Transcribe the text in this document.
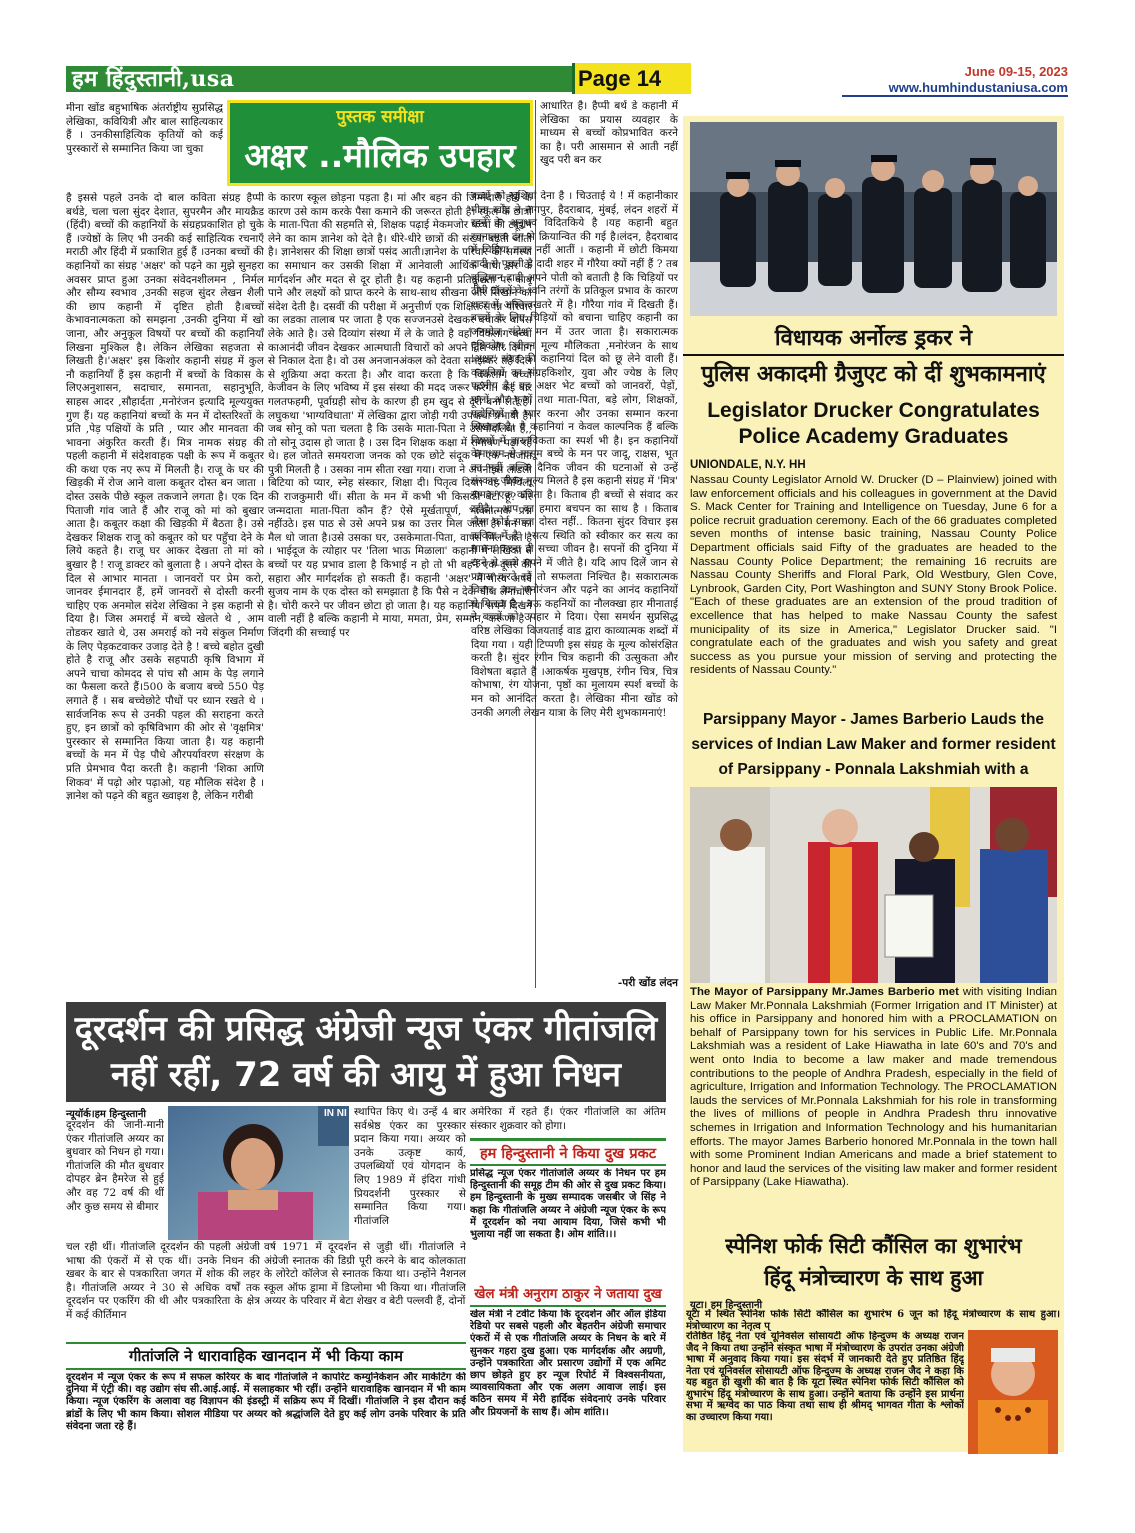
हम हिंदुस्तानी,usa	Page 14	June 09-15, 2023
www.humhindustaniusa.com
पुस्तक समीक्षा
अक्षर ..मौलिक उपहार
मीना खोंड बहुभाषिक अंतर्राष्ट्रीय सुप्रसिद्ध लेखिका, कवियित्री और बाल साहित्यकार हैं । उनकीसाहित्यिक कृतियों को कई पुरस्कारों से सम्मानित किया जा चुका
है इससे पहले उनके दो बाल कविता संग्रह हैप्पी बर्थडे, चला चला सुंदर देशात, सुपरमैन और मायक्रैड (हिंदी) बच्चों की कहानियों के संग्रहप्रकाशित हो चुके हैं ।ज्येष्ठों के लिए भी उनकी कई साहित्यिक रचनाएँ मराठी और हिंदी में प्रकाशित हुई हैं ।उनका बच्चों की कहानियों का संग्रह 'अक्षर' को पढ़ने का मुझे सुनहरा अवसर प्राप्त हुआ उनका संवेदनशीलमन , निर्मल और सौम्य स्वभाव ,उनकी सहज सुंदर लेखन शैली की छाप कहानी में दृष्टित होती है।बच्चों केभावनात्मकता को समझना ,उनकी दुनिया में खो जाना, और अनुकूल विषयों पर बच्चों की कहानियाँ लिखना मुश्किल है। लेकिन लेखिका सहजता से लिखती है।'अक्षर' इस किशोर कहानी संग्रह में कुल नौ कहानियाँ हैं इस कहानी में बच्चों के विकास के लिएअनुशासन, सदाचार, समानता, सहानुभूति, साहस आदर ,सौहार्दता ,मनोरंजन इत्यादि मूल्ययुक्त गुण हैं। यह कहानियां बच्चों के मन में दोस्तरिश्तों के प्रति ,पेड़ पक्षियों के प्रति , प्यार और मानवता की भावना अंकुरित करती हैं। मित्र नामक संग्रह की पहली कहानी में संदेशवाहक पक्षी के रूप में कबूतर की कथा एक नए रूप में मिलती है। राजू के घर की खिड़की में रोज आने वाला कबूतर दोस्त बन जाता । दोस्त उसके पीछे स्कूल तकजाने लगता है। एक दिन पिताजी गांव जाते हैं और राजू को मां को बुखार आता है। कबूतर कक्षा की खिड़की में बैठता है। उसे देखकर शिक्षक राजू को कबूतर को घर पहुँचा देने के लिये कहते है। राजू घर आकर देखता तो मां को बुखार है ! राजू डाक्टर को बुलाता है । अपने दोस्त के दिल से आभार मानता । जानवरों पर प्रेम करो, जानवर ईमानदार हैं, हमें जानवरों से दोस्ती करनी चाहिए एक अनमोल संदेश लेखिका ने इस कहानी से दिया है। जिस अमराई में बच्चे खेलते थे , आम तोडकर खाते थे, उस अमराई को नये संकुल निर्माण के लिए पेड़कटवाकर उजाड़ देते है ! बच्चे बहोत दुखी होते है राजू और उसके सहपाठी कृषि विभाग में अपने चाचा कोमदद से पांच सौ आम के पेड़ लगाने का फैसला करते हैं।500 के बजाय बच्चे 550 पेड़ लगाते हैं । सब बच्चेछोटे पौधों पर ध्यान रखते थे । सार्वजनिक रूप से उनकी पहल की सराहना करते हुए, इन छात्रों को कृषिविभाग की ओर से 'वृक्षमित्र' पुरस्कार से सम्मानित किया जाता है। यह कहानी बच्चों के मन में पेड़ पौधे औरपर्यावरण संरक्षण के प्रति प्रेमभाव पैदा करती है। कहानी 'शिका आणि शिकव' में पढ़ो ओर पढ़ाओ, यह मौलिक संदेश है । ज्ञानेश को पढ़ने की बहुत ख्वाइश है, लेकिन गरीबी
के कारण स्कूल छोड़ना पड़ता है। मां और बहन की जिम्मेदारी होने के कारण उसे काम करके पैसा कमाने की जरूरत होती है। स्कूल के छात्रों के माता-पिता की सहमति से, शिक्षक पढ़ाई मेकमजोर बच्चों की ट्यूशन लेने का काम ज्ञानेश को देते है। धीरे-धीरे छात्रों की संख्या बढ़ती जाती है। ज्ञानेशसर की शिक्षा छात्रों पसंद आती।ज्ञानेश के परिवार की समस्या का समाधान कर उसकी शिक्षा में आनेवाली आर्थिक बाधा सर के मार्गदर्शन और मदत से दूर होती है। यह कहानी प्रतिकूलता पर काबू पाने और लक्ष्यों को प्राप्त करने के साथ-साथ सीखना और सिखाने का संदेश देती है। दसवीं की परीक्षा में अनुत्तीर्ण एक शिक्षित संपन्न परिवार का लडका तालाब पर जाता है एक सज्जनउसे देखकर बचाकर वापस लेके आते है। उसे दिव्यांग संस्था में ले के जाते है वहाँ विकलांग बच्चों काआनंदी जीवन देखकर आत्मघाती विचारों को अपने दिल और दिमाग से निकाल देता है। वो उस अनजानअंकल को देवता समझकर तहे दिल से शुक्रिया अदा करता है। और वादा करता है कि विकलांग बच्चों केजीवन के लिए भविष्य में इस संस्था की मदद जरूर करेगा। कई बार गलतफहमी, पूर्वाग्रही सोच के कारण ही हम खुद से दूरी बना लेते हैं। लघुकथा 'भाग्यविधाता' में लेखिका द्वारा जोड़ी गयी उपकथा प्रभावी है। जब सोनू को पता चलता है कि उसके माता-पिता ने उसेगोदलिया है,, तो सोनू उदास हो जाता है । उस दिन शिक्षक कक्षा में रामायण पढ़ा रहे थे। हल जोतते समयराजा जनक को एक छोटे संदूक में एक नवजात पुत्री मिलती है । उसका नाम सीता रखा गया। राजा ने अपनीइस लाडली बिटिया को प्यार, स्नेह संस्कार, शिक्षा दी। पितृत्व दिया। वह मिथिला की राजकुमारी थीं। सीता के मन में कभी भी किसकी बेटी हूं? मेरे जन्मदाता माता-पिता कौन हैं? ऐसे मूर्खतापूर्ण, भावनात्मक प्रश्न नहींउठे। इस पाठ से उसे अपने प्रश्न का उत्तर मिल जाता है। मन का मैल धो जाता है।उसे उसका घर, उसकेमाता-पिता, वापस मिल जाते है । भाईदूज के त्योहार पर 'तिला भाऊ मिळाला' कहानी में लेखिका ने बच्चों पर यह प्रभाव डाला है किभाई न हो तो भी बहनें एक-दूसरे की सहारा और मार्गदर्शक हो सकती हैं। कहानी 'अक्षर' में गौरव अपने सुजय नाम के एक दोस्त को समझाता है कि पैसे न देके चीज लेनाचोरी है। चोरी करने पर जीवन छोटा हो जाता है। यह कहानियां सपने दिखने वाली नहीं है बल्कि कहानी मे माया, ममता, प्रेम, सम्मान, करूणा है । जिंदगी की सच्चाई पर
आधारित है। हैप्पी बर्थ डे कहानी में लेखिका का प्रयास व्यवहार के माध्यम से बच्चों कोप्रभावित करने का है। परी आसमान से आती नहीं खुद परी बन कर
बच्चों को खुशियां देना है । चिउताई ये ! में कहानीकार मीना खोंड ने नागपुर, हैदराबाद, मुंबई, लंदन शहरों में रहने के अनुभव विदितकिये है ।यह कहानी बहुत रचनात्मक ढंग से क्रियान्वित की गई है।लंदन, हैदराबाद में चिड़िया नजर नहीं आतीं । कहानी में छोटी किमया दादी से पूछती है दादी शहर में गौरैया क्यों नहीं हैं ? तब बुद्धिमान दादी अपने पोती को बताती है कि चिड़ियों पर टीवी टॉवरों के ध्वनि तरंगों के प्रतिकूल प्रभाव के कारण शहर में अस्तित्वखतरे में है। गौरैया गांव में दिखती हैं। बच्चों के लिए चिड़ियों को बचाना चाहिए कहानी का अनमोल संदेश मन में उतर जाता है। सकारात्मक दृष्टिकोण, जीवन मूल्य मौलिकता ,मनोरंजन के साथ 'अक्षर' संग्रह की कहानियां दिल को छू लेने वाली हैं।कहानियों का संग्रहकिशोर, युवा और ज्येष्ठ के लिए पठनीय है। यह अक्षर भेट बच्चों को जानवरों, पेड़ों, फलों और फूलों तथा माता-पिता, बड़े लोग, शिक्षकों, पड़ोसियों से प्यार करना और उनका सम्मान करना सिखाता है। ये कहानियां न केवल काल्पनिक हैं बल्कि विषयों में वास्तविकता का स्पर्श भी है। इन कहानियों केमाध्यम से मासूम बच्चे के मन पर जादू, राक्षस, भूत का नहीं बल्कि दैनिक जीवन की घटनाओं से उन्हें संस्कार,जीवन मूल्य मिलते है इस कहानी संग्रह में 'मित्र' नामक एक कविता है। किताब ही बच्चों से संवाद कर रहीहै।. आप का हमारा बचपन का साथ है । किताब जैसा कोई सच्चा दोस्त नहीं.. कितना सुंदर विचार इस कविता में है । सत्य स्थिति को स्वीकार कर सत्य का सामना करना ही सच्चा जीवन है। सपनों की दुनिया में रहने से बच्चे सपने में जीते है। यदि आप दिलें जान से प्रयास करते रहें तो सफलता निश्चित है। सकारात्मक विचार, ज्ञान, मनोरंजन और पढ़ने का आनंद कहानियों से मिलता है । नऊ कहनियों का नौलक्खा हार मीनाताई ने बच्चों को उपहार मे दिया। ऐसा समर्थन सुप्रसिद्ध वरिष्ठ लेखिका विजयताई वाड द्वारा काव्यात्मक शब्दों में दिया गया । यही टिप्पणी इस संग्रह के मूल्य कोसंरक्षित करती है। सुंदर रंगीन चित्र कहानी की उत्सुकता और विशेषता बढ़ाते है ।आकर्षक मुखपृष्ठ, रंगीन चित्र, चित्र कोभाषा, रंग योजना, पृष्ठों का मुलायम स्पर्श बच्चों के मन को आनंदित करता है। लेखिका मीना खोंड को उनकी अगली लेखन यात्रा के लिए मेरी शुभकामनाएं!
-परी खोंड लंदन
विधायक अर्नोल्ड ड्रकर ने
पुलिस अकादमी ग्रैजुएट को दीं शुभकामनाएं
Legislator Drucker Congratulates Police Academy Graduates
UNIONDALE, N.Y. HH
Nassau County Legislator Arnold W. Drucker (D – Plainview) joined with law enforcement officials and his colleagues in government at the David S. Mack Center for Training and Intelligence on Tuesday, June 6 for a police recruit graduation ceremony. Each of the 66 graduates completed seven months of intense basic training, Nassau County Police Department officials said Fifty of the graduates are headed to the Nassau County Police Department; the remaining 16 recruits are Nassau County Sheriffs and Floral Park, Old Westbury, Glen Cove, Lynbrook, Garden City, Port Washington and SUNY Stony Brook Police. "Each of these graduates are an extension of the proud tradition of excellence that has helped to make Nassau County the safest municipality of its size in America," Legislator Drucker said. "I congratulate each of the graduates and wish you safety and great success as you pursue your mission of serving and protecting the residents of Nassau County."
Parsippany Mayor - James Barberio Lauds the services of Indian Law Maker and former resident of Parsippany - Ponnala Lakshmiah with a
The Mayor of Parsippany Mr.James Barberio met with visiting Indian Law Maker Mr.Ponnala Lakshmiah (Former Irrigation and IT Minister) at his office in Parsippany and honored him with a PROCLAMATION on behalf of Parsippany town for his services in Public Life. Mr.Ponnala Lakshmiah was a resident of Lake Hiawatha in late 60's and 70's and went onto India to become a law maker and made tremendous contributions to the people of Andhra Pradesh, especially in the field of agriculture, Irrigation and Information Technology. The PROCLAMATION lauds the services of Mr.Ponnala Lakshmiah for his role in transforming the lives of millions of people in Andhra Pradesh thru innovative schemes in Irrigation and Information Technology and his humanitarian efforts. The mayor James Barberio honored Mr.Ponnala in the town hall with some Prominent Indian Americans and made a brief statement to honor and laud the services of the visiting law maker and former resident of Parsippany (Lake Hiawatha).
स्पेनिश फोर्क सिटी कौंसिल का शुभारंभ
हिंदू मंत्रोच्चारण के साथ हुआ
यूटा। हम हिन्दुस्तानी
यूटा में स्थित स्पेनिश फोर्क सिटी कौंसिल का शुभारंभ 6 जून को हिंदू मंत्रोच्चारण के साथ हुआ। मंत्रोच्चारण का नेतृत्व प्
रतिष्ठित हिंदू नेता एवं यूनिवर्सल सोसायटी ऑफ हिन्दुज्म के अध्यक्ष राजन जैद ने किया तथा उन्होंने संस्कृत भाषा में मंत्रोच्चारण के उपरांत उनका अंग्रेजी भाषा में अनुवाद किया गया। इस संदर्भ में जानकारी देते हुए प्रतिष्ठित हिंदू नेता एवं यूनिवर्सल सोसायटी ऑफ हिन्दुज्म के अध्यक्ष राजन जैद ने कहा कि यह बहुत ही खुशी की बात है कि यूटा स्थित स्पेनिश फोर्क सिटी कौंसिल को शुभारंभ हिंदू मंत्रोच्चारण के साथ हुआ। उन्होंने बताया कि उन्होंने इस प्रार्थना सभा में ऋग्वेद का पाठ किया तथा साथ ही श्रीमद् भागवत गीता के श्लोकों का उच्चारण किया गया।
दूरदर्शन की प्रसिद्ध अंग्रेजी न्यूज एंकर गीतांजलि नहीं रहीं, 72 वर्ष की आयु में हुआ निधन
न्यूयॉर्क।हम हिन्दुस्तानी
दूरदर्शन की जानी-मानी एंकर गीतांजलि अय्यर का बुधवार को निधन हो गया।गीतांजलि की मौत बुधवार दोपहर ब्रेन हैमरेज से हुई और वह 72 वर्ष की थीं और कुछ समय से बीमार
IN NI स्थापित किए थे। उन्हें 4 बार सर्वश्रेष्ठ एंकर का पुरस्कार प्रदान किया गया। अय्यर को उनके उत्कृष्ट कार्य, उपलब्धियों एवं योगदान के लिए 1989 में इंदिरा गांधी प्रियदर्शनी पुरस्कार से सम्मानित किया गया। गीतांजलि
चल रही थीं। गीतांजलि दूरदर्शन की पहली अंग्रेजी भाषा की एंकरों में से एक थीं। उनके निधन की खबर के बार से पत्रकारिता जगत में शोक की लहर है। गीतांजलि अय्यर ने 30 से अधिक वर्षों तक दूरदर्शन पर एकरिंग की थी और पत्रकारिता के क्षेत्र में कई कीर्तिमान
वर्ष 1971 में दूरदर्शन से जुड़ी थीं। गीतांजलि ने अंग्रेजी स्नातक की डिग्री पूरी करने के बाद कोलकाता के लोरेटो कॉलेज से स्नातक किया था। उन्होंने नैशनल स्कूल ऑफ ड्रामा में डिप्लोमा भी किया था। गीतांजलि अय्यर के परिवार में बेटा शेखर व बेटी पल्लवी हैं, दोनों
अमेरिका में रहते हैं। एंकर गीतांजलि का अंतिम संस्कार शुक्रवार को होगा।
हम हिन्दुस्तानी ने किया दुख प्रकट
प्रसिद्ध न्यूज एंकर गीतांजलि अय्यर के निधन पर हम हिन्दुस्तानी की समूह टीम की ओर से दुख प्रकट किया। हम हिन्दुस्तानी के मुख्य सम्पादक जसबीर जे सिंह ने कहा कि गीतांजलि अय्यर ने अंग्रेजी न्यूज एंकर के रूप में दूरदर्शन को नया आयाम दिया, जिसे कभी भी भुलाया नहीं जा सकता है। ओम शांति।।।
खेल मंत्री अनुराग ठाकुर ने जताया दुख
खेल मंत्री ने टवीट किया कि दूरदर्शन और ऑल इंडिया रेडियो पर सबसे पहली और बेहतरीन अंग्रेजी समाचार एंकरों में से एक गीतांजलि अय्यर के निधन के बारे में सुनकर गहरा दुख हुआ। एक मार्गदर्शक और अग्रणी, उन्होंने पत्रकारिता और प्रसारण उद्योगों में एक अमिट छाप छोड़ते हुए हर न्यूज रिपोर्ट में विश्वसनीयता, व्यावसायिकता और एक अलग आवाज लाई। इस कठिन समय में मेरी हार्दिक संवेदनाएं उनके परिवार और प्रियजनों के साथ हैं। ओम शांति।।
गीतांजलि ने धारावाहिक खानदान में भी किया काम
दूरदर्शन में न्यूज एंकर के रूप में सफल करियर के बाद गीतांजलि ने कार्पोरेट कम्युनिकेशन और मार्केटिंग की दुनिया में एंट्री की। वह उद्योग संघ सी.आई.आई. में सलाहकार भी रहीं। उन्होंने धारावाहिक खानदान में भी काम किया। न्यूज एंकरिंग के अलावा वह विज्ञापन की इंडस्ट्री में सक्रिय रूप में दिखीं। गीतांजलि ने इस दौरान कई ब्रांडों के लिए भी काम किया। सोशल मीडिया पर अय्यर को श्रद्धांजलि देते हुए कई लोग उनके परिवार के प्रति संवेदना जता रहे हैं।
